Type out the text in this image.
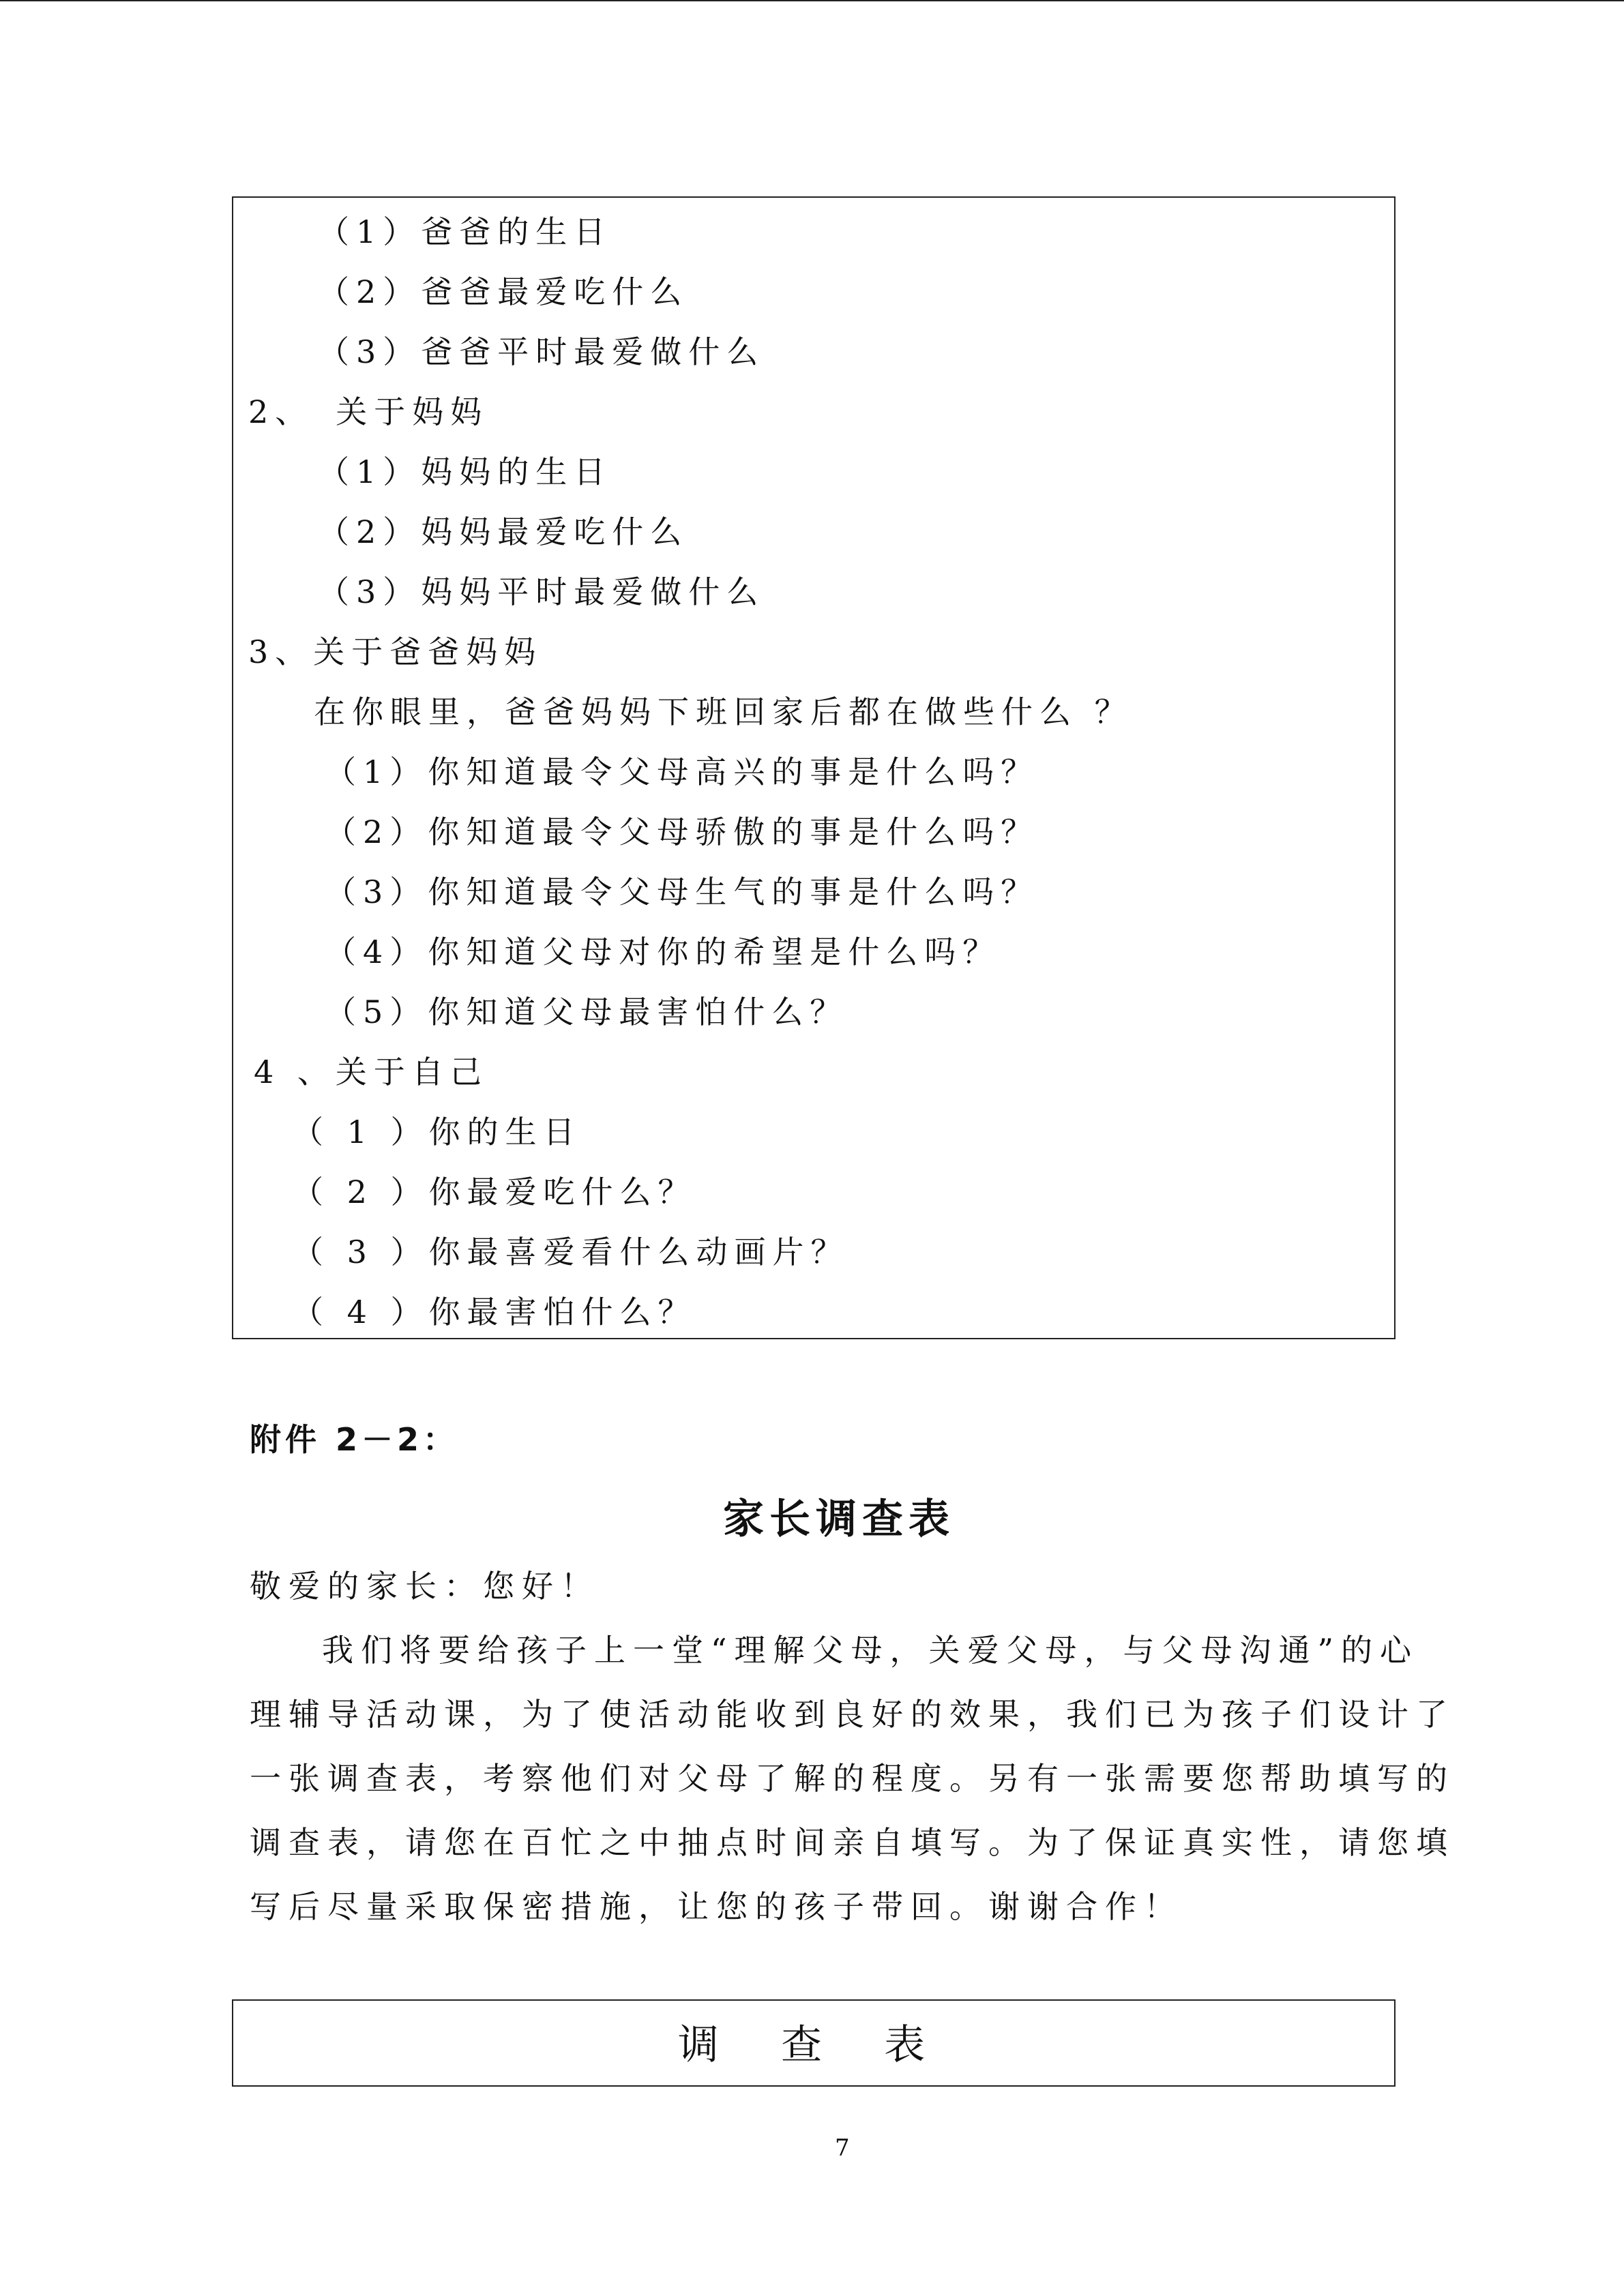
（1）爸爸的生日
（2）爸爸最爱吃什么
（3）爸爸平时最爱做什么
2、　关于妈妈
（1）妈妈的生日
（2）妈妈最爱吃什么
（3）妈妈平时最爱做什么
3、关于爸爸妈妈
在你眼里，爸爸妈妈下班回家后都在做些什么 ？
（1）你知道最令父母高兴的事是什么吗？
（2）你知道最令父母骄傲的事是什么吗？
（3）你知道最令父母生气的事是什么吗？
（4）你知道父母对你的希望是什么吗？
（5）你知道父母最害怕什么？
4 、关于自己
（ 1 ）你的生日
（ 2 ）你最爱吃什么？
（ 3 ）你最喜爱看什么动画片？
（ 4 ）你最害怕什么？
附件 2－2：
家长调查表
敬爱的家长：您好！
我们将要给孩子上一堂“理解父母，关爱父母，与父母沟通”的心
理辅导活动课，为了使活动能收到良好的效果，我们已为孩子们设计了
一张调查表，考察他们对父母了解的程度。另有一张需要您帮助填写的
调查表，请您在百忙之中抽点时间亲自填写。为了保证真实性，请您填
写后尽量采取保密措施，让您的孩子带回。谢谢合作！
调 查 表
7
